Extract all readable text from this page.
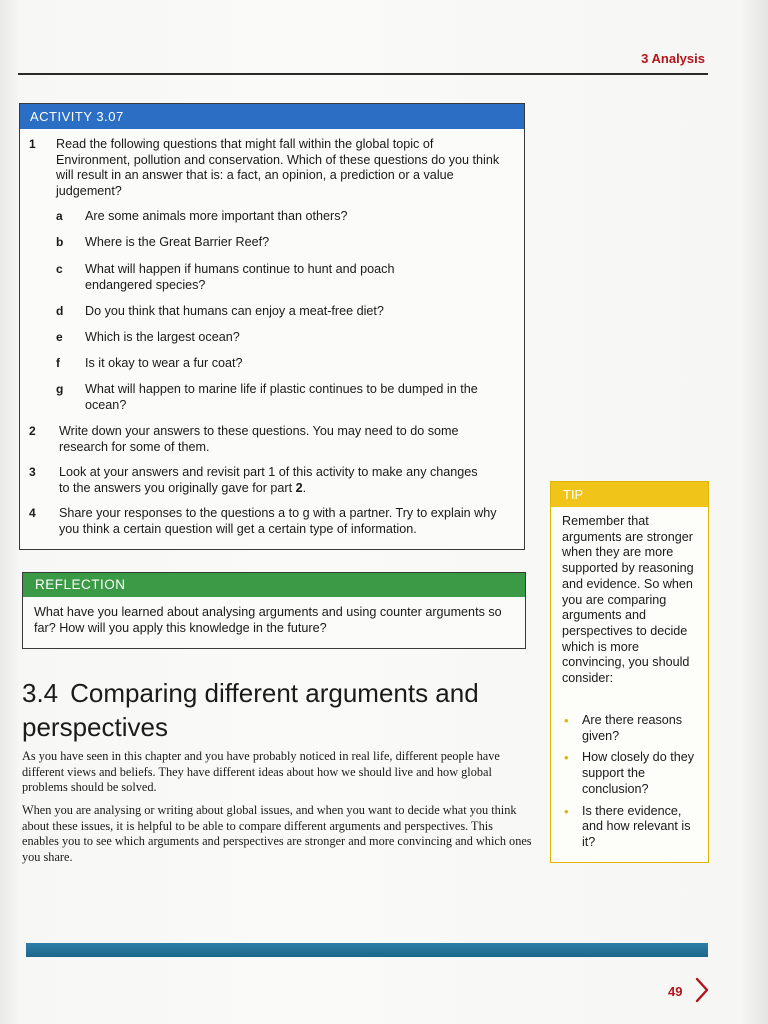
3 Analysis
ACTIVITY 3.07
1 Read the following questions that might fall within the global topic of Environment, pollution and conservation. Which of these questions do you think will result in an answer that is: a fact, an opinion, a prediction or a value judgement?
a Are some animals more important than others?
b Where is the Great Barrier Reef?
c What will happen if humans continue to hunt and poach endangered species?
d Do you think that humans can enjoy a meat-free diet?
e Which is the largest ocean?
f Is it okay to wear a fur coat?
g What will happen to marine life if plastic continues to be dumped in the ocean?
2 Write down your answers to these questions. You may need to do some research for some of them.
3 Look at your answers and revisit part 1 of this activity to make any changes to the answers you originally gave for part 2.
4 Share your responses to the questions a to g with a partner. Try to explain why you think a certain question will get a certain type of information.
REFLECTION
What have you learned about analysing arguments and using counter arguments so far? How will you apply this knowledge in the future?
3.4 Comparing different arguments and perspectives
As you have seen in this chapter and you have probably noticed in real life, different people have different views and beliefs. They have different ideas about how we should live and how global problems should be solved.
When you are analysing or writing about global issues, and when you want to decide what you think about these issues, it is helpful to be able to compare different arguments and perspectives. This enables you to see which arguments and perspectives are stronger and more convincing and which ones you share.
TIP
Remember that arguments are stronger when they are more supported by reasoning and evidence. So when you are comparing arguments and perspectives to decide which is more convincing, you should consider:
• Are there reasons given?
• How closely do they support the conclusion?
• Is there evidence, and how relevant is it?
49
